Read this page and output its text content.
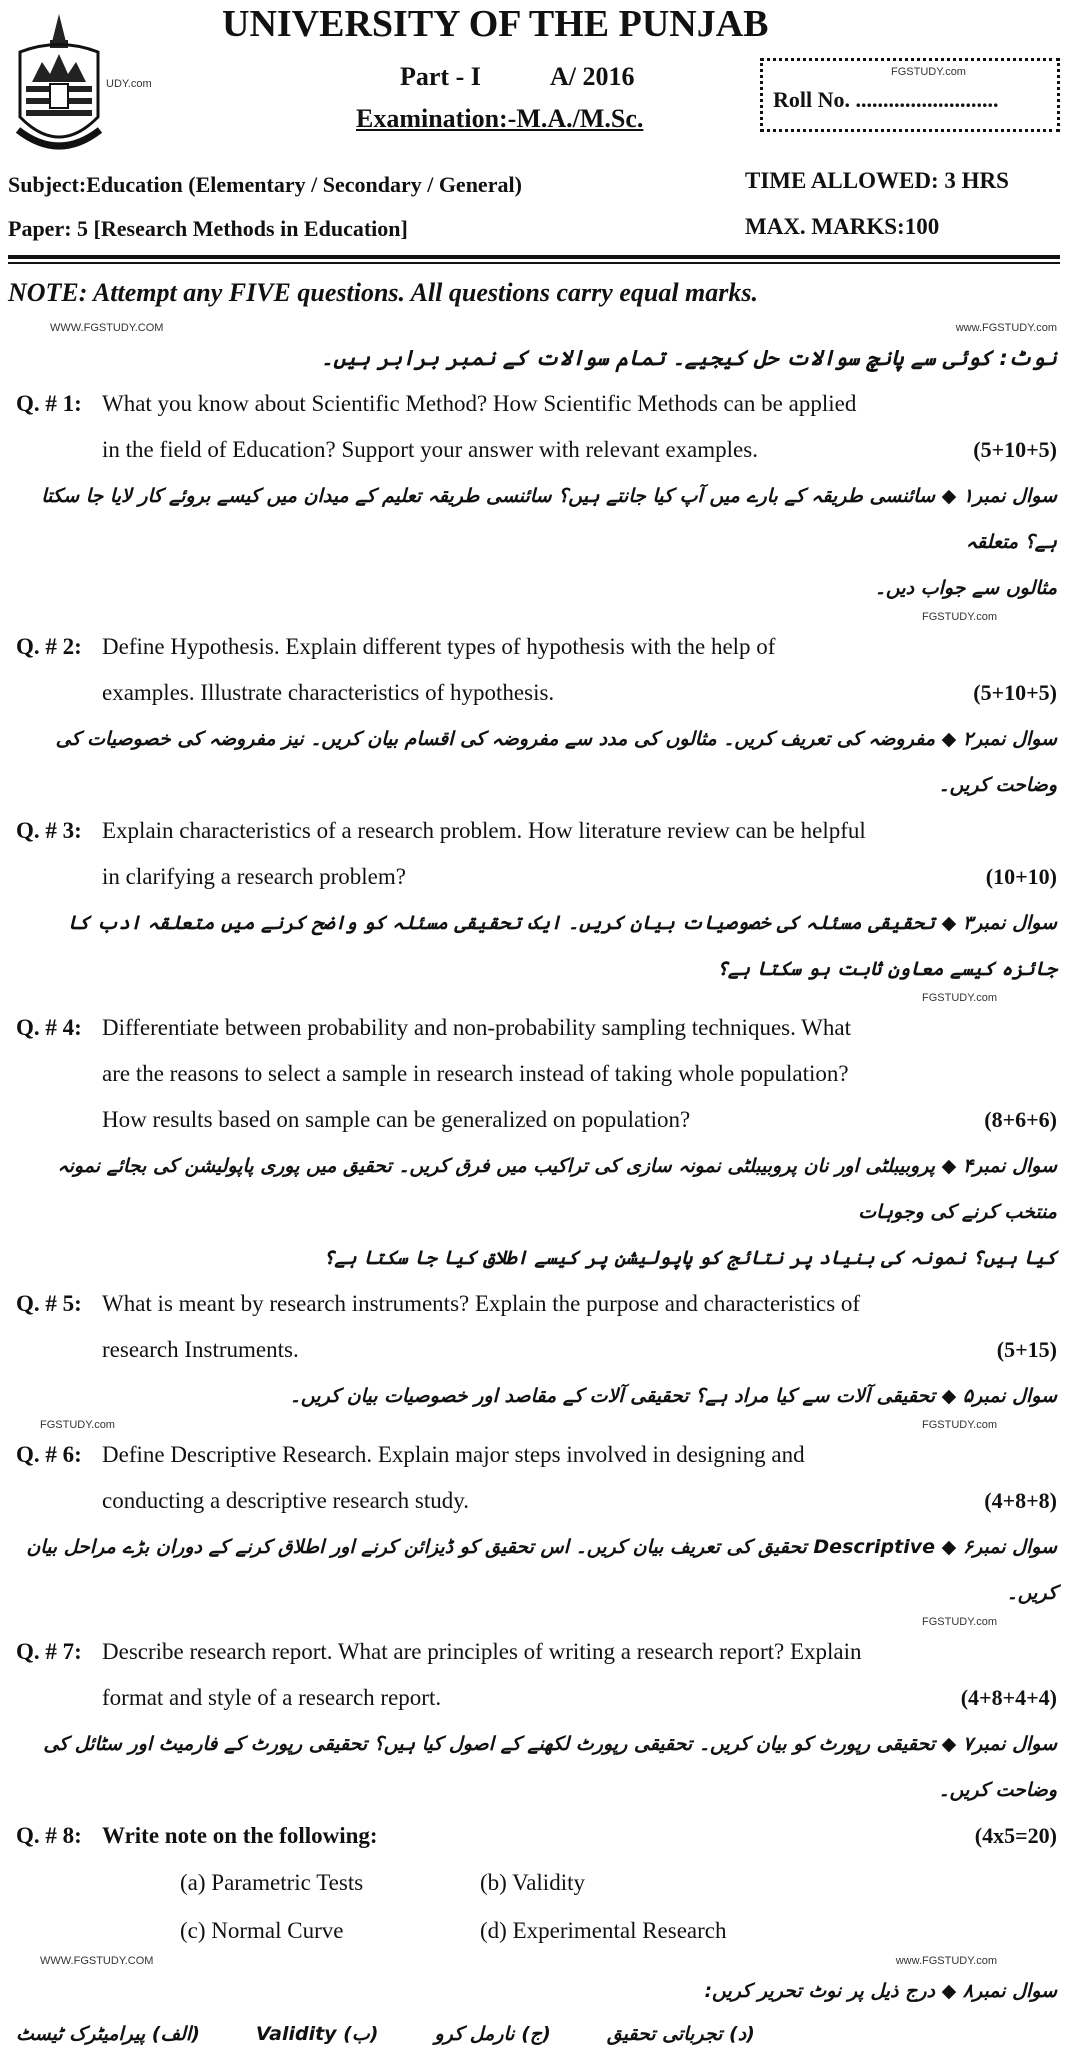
UNIVERSITY OF THE PUNJAB
UDY.com	Part - I	A/ 2016
Examination:-M.A./M.Sc.
FGSTUDY.com
Roll No. ..........................
Subject:Education (Elementary / Secondary / General)	TIME ALLOWED: 3 HRS
Paper: 5 [Research Methods in Education]	MAX. MARKS:100
NOTE: Attempt any FIVE questions. All questions carry equal marks.
WWW.FGSTUDY.COM	www.FGSTUDY.com

نوٹ: کوئی سے پانچ سوالات حل کیجیے۔ تمام سوالات کے نمبر برابر ہیں۔

Q. # 1: What you know about Scientific Method? How Scientific Methods can be applied
in the field of Education? Support your answer with relevant examples.	(5+10+5)

سوال نمبر۱ ◆ سائنسی طریقہ کے بارے میں آپ کیا جانتے ہیں؟ سائنسی طریقہ تعلیم کے میدان میں کیسے بروئے کار لایا جا سکتا ہے؟ متعلقہ

مثالوں سے جواب دیں۔

FGSTUDY.com
Q. # 2: Define Hypothesis. Explain different types of hypothesis with the help of
examples. Illustrate characteristics of hypothesis.	(5+10+5)

سوال نمبر۲ ◆ مفروضہ کی تعریف کریں۔ مثالوں کی مدد سے مفروضہ کی اقسام بیان کریں۔ نیز مفروضہ کی خصوصیات کی وضاحت کریں۔

Q. # 3: Explain characteristics of a research problem. How literature review can be helpful
in clarifying a research problem?	(10+10)

سوال نمبر۳ ◆ تحقیقی مسئلہ کی خصوصیات بیان کریں۔ ایک تحقیقی مسئلہ کو واضح کرنے میں متعلقہ ادب کا جائزہ کیسے معاون ثابت ہو سکتا ہے؟

FGSTUDY.com
Q. # 4: Differentiate between probability and non-probability sampling techniques. What
are the reasons to select a sample in research instead of taking whole population?
How results based on sample can be generalized on population?	(8+6+6)

سوال نمبر۴ ◆ پروبیبلٹی اور نان پروبیبلٹی نمونہ سازی کی تراکیب میں فرق کریں۔ تحقیق میں پوری پاپولیشن کی بجائے نمونہ منتخب کرنے کی وجوہات

کیا ہیں؟ نمونہ کی بنیاد پر نتائج کو پاپولیشن پر کیسے اطلاق کیا جا سکتا ہے؟

Q. # 5: What is meant by research instruments? Explain the purpose and characteristics of
research Instruments.	(5+15)

سوال نمبر۵ ◆ تحقیقی آلات سے کیا مراد ہے؟ تحقیقی آلات کے مقاصد اور خصوصیات بیان کریں۔

FGSTUDY.com	FGSTUDY.com
Q. # 6: Define Descriptive Research. Explain major steps involved in designing and
conducting a descriptive research study.	(4+8+8)

سوال نمبر۶ ◆ Descriptive تحقیق کی تعریف بیان کریں۔ اس تحقیق کو ڈیزائن کرنے اور اطلاق کرنے کے دوران بڑے مراحل بیان

کریں۔

FGSTUDY.com
Q. # 7: Describe research report. What are principles of writing a research report? Explain
format and style of a research report.	(4+8+4+4)

سوال نمبر۷ ◆ تحقیقی رپورٹ کو بیان کریں۔ تحقیقی رپورٹ لکھنے کے اصول کیا ہیں؟ تحقیقی رپورٹ کے فارمیٹ اور سٹائل کی وضاحت کریں۔

Q. # 8: Write note on the following:	(4x5=20)
(a) Parametric Tests	(b) Validity
(c) Normal Curve	(d) Experimental Research
WWW.FGSTUDY.COM	www.FGSTUDY.com

سوال نمبر۸ ◆ درج ذیل پر نوٹ تحریر کریں:

(الف) پیرامیٹرک ٹیسٹ	(ب) Validity	(ج) نارمل کرو	(د) تجرباتی تحقیق
